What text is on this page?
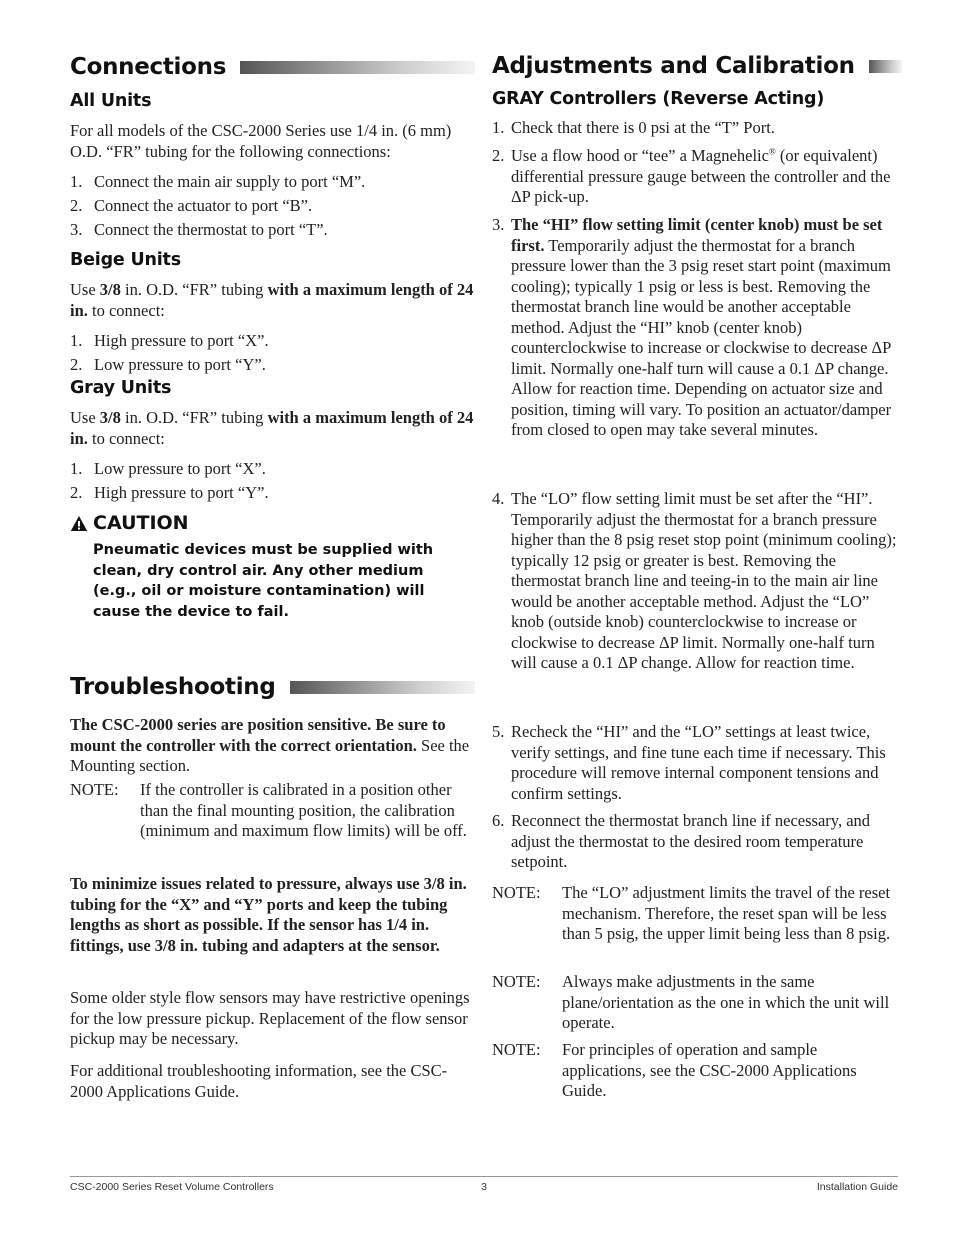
Connections
All Units

For all models of the CSC-2000 Series use 1/4 in. (6 mm) O.D. “FR” tubing for the following connections:

1. Connect the main air supply to port “M”.
2. Connect the actuator to port “B”.
3. Connect the thermostat to port “T”.
Beige Units

Use 3/8 in. O.D. “FR” tubing with a maximum length of 24 in. to connect:

1. High pressure to port “X”.
2. Low pressure to port “Y”.
Gray Units

Use 3/8 in. O.D. “FR” tubing with a maximum length of 24 in. to connect:

1. Low pressure to port “X”.
2. High pressure to port “Y”.
CAUTION
Pneumatic devices must be supplied with clean, dry control air. Any other medium (e.g., oil or moisture contamination) will cause the device to fail.
Troubleshooting

The CSC-2000 series are position sensitive. Be sure to mount the controller with the correct orientation. See the Mounting section.

NOTE: If the controller is calibrated in a position other than the final mounting position, the calibration (minimum and maximum flow limits) will be off.

To minimize issues related to pressure, always use 3/8 in. tubing for the “X” and “Y” ports and keep the tubing lengths as short as possible. If the sensor has 1/4 in. fittings, use 3/8 in. tubing and adapters at the sensor.

Some older style flow sensors may have restrictive openings for the low pressure pickup. Replacement of the flow sensor pickup may be necessary.

For additional troubleshooting information, see the CSC-2000 Applications Guide.

Adjustments and Calibration
GRAY Controllers (Reverse Acting)
1. Check that there is 0 psi at the “T” Port.
2. Use a flow hood or “tee” a Magnehelic® (or equivalent) differential pressure gauge between the controller and the ΔP pick-up.
3. The “HI” flow setting limit (center knob) must be set first. Temporarily adjust the thermostat for a branch pressure lower than the 3 psig reset start point (maximum cooling); typically 1 psig or less is best. Removing the thermostat branch line would be another acceptable method. Adjust the “HI” knob (center knob) counterclockwise to increase or clockwise to decrease ΔP limit. Normally one-half turn will cause a 0.1 ΔP change. Allow for reaction time. Depending on actuator size and position, timing will vary. To position an actuator/damper from closed to open may take several minutes.
4. The “LO” flow setting limit must be set after the “HI”. Temporarily adjust the thermostat for a branch pressure higher than the 8 psig reset stop point (minimum cooling); typically 12 psig or greater is best. Removing the thermostat branch line and teeing-in to the main air line would be another acceptable method. Adjust the “LO” knob (outside knob) counterclockwise to increase or clockwise to decrease ΔP limit. Normally one-half turn will cause a 0.1 ΔP change. Allow for reaction time.
5. Recheck the “HI” and the “LO” settings at least twice, verify settings, and fine tune each time if necessary. This procedure will remove internal component tensions and confirm settings.
6. Reconnect the thermostat branch line if necessary, and adjust the thermostat to the desired room temperature setpoint.
NOTE: The “LO” adjustment limits the travel of the reset mechanism. Therefore, the reset span will be less than 5 psig, the upper limit being less than 8 psig.
NOTE: Always make adjustments in the same plane/orientation as the one in which the unit will operate.
NOTE: For principles of operation and sample applications, see the CSC-2000 Applications Guide.
CSC-2000 Series Reset Volume Controllers	3	Installation Guide
